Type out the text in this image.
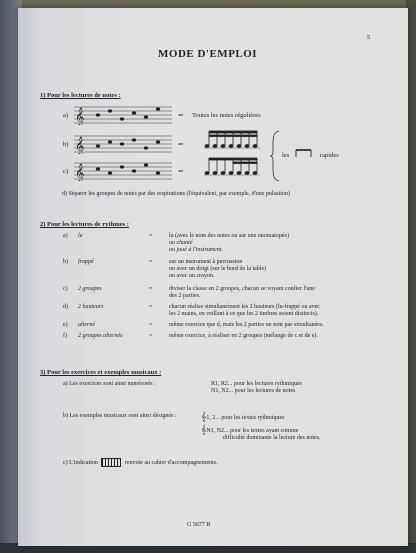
5
MODE D'EMPLOI
1) Pour les lectures de notes :
a) 𝄞	⇒ Toutes les notes régulières
b) 𝄞	⇒
c) 𝄞	⇒
les	rapides
d) Séparer les groupes de notes par des respirations (l'équivalent, par exemple, d'une pulsation)
2) Pour les lectures de rythmes :
a) lu	=	lu (avec le nom des notes ou sur une onomatopée)
ou chanté
ou joué à l'instrument.
b) frappé	=	sur un instrument à percussion
ou avec un doigt (sur le bord de la table)
ou avec un crayon.
c) 2 groupes	=	diviser la classe en 2 groupes, chacun se voyant confier l'une
des 2 parties.
d) 2 hauteurs	=	chacun réalise simultanément les 2 hauteurs (lu-frappé ou avec
les 2 mains, en veillant à ce que les 2 timbres soient distincts).
e) alterné	=	même exercice que d, mais les 2 parties ne sont pas simultanées.
f) 2 groupes alternés	=	même exercice, à réaliser en 2 groupes (mélange de c et de e).
3) Pour les exercices et exemples musicaux :
a) Les exercices sont ainsi numérotés :	R1, R2... pour les lectures rythmiques
N1, N2... pour les lectures de notes
b) Les exemples musicaux sont ainsi désignés :	𝄞1, 2... pour les textes rythmiques
𝄞N1, N2... pour les textes ayant comme
difficulté dominante la lecture des notes.
c) L'indication	renvoie au cahier d'accompagnements.
G 5677 B
